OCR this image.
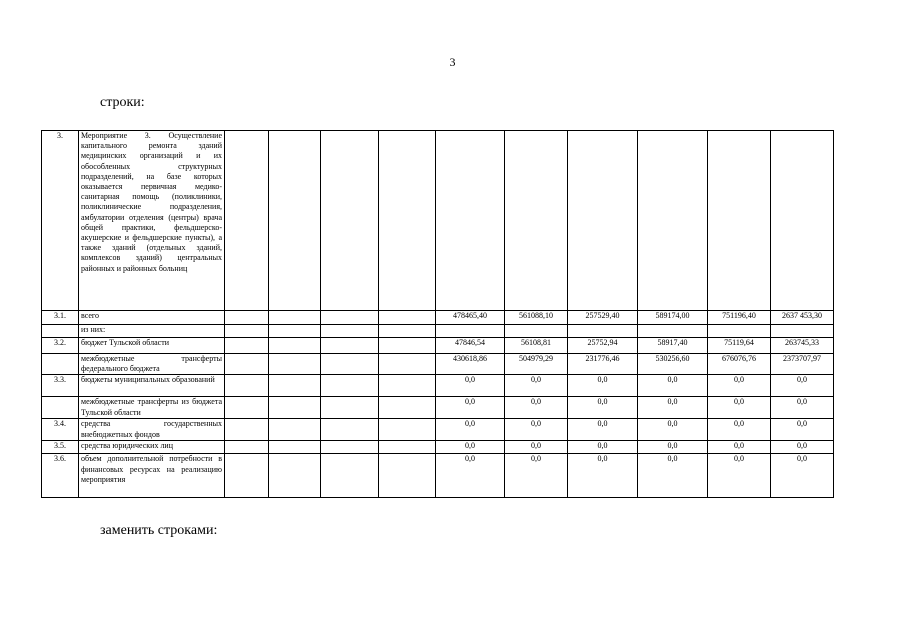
3
строки:
3.	Мероприятие 3. Осуществление капитального ремонта зданий медицинских организаций и их обособленных структурных подразделений, на базе которых оказывается первичная медико-санитарная помощь (поликлиники, поликлинические подразделения, амбулатории отделения (центры) врача общей практики, фельдшерско-акушерские и фельдшерские пункты), а также зданий (отдельных зданий, комплексов зданий) центральных районных и районных больниц										
3.1.	всего					478465,40	561088,10	257529,40	589174,00	751196,40	2637 453,30
	из них:										
3.2.	бюджет Тульской области					47846,54	56108,81	25752,94	58917,40	75119,64	263745,33
	межбюджетные трансферты федерального бюджета					430618,86	504979,29	231776,46	530256,60	676076,76	2373707,97
3.3.	бюджеты муниципальных образований					0,0	0,0	0,0	0,0	0,0	0,0
	межбюджетные трансферты из бюджета Тульской области					0,0	0,0	0,0	0,0	0,0	0,0
3.4.	средства государственных внебюджетных фондов					0,0	0,0	0,0	0,0	0,0	0,0
3.5.	средства юридических лиц					0,0	0,0	0,0	0,0	0,0	0,0
3.6.	объем дополнительной потребности в финансовых ресурсах на реализацию мероприятия					0,0	0,0	0,0	0,0	0,0	0,0
заменить строками:
